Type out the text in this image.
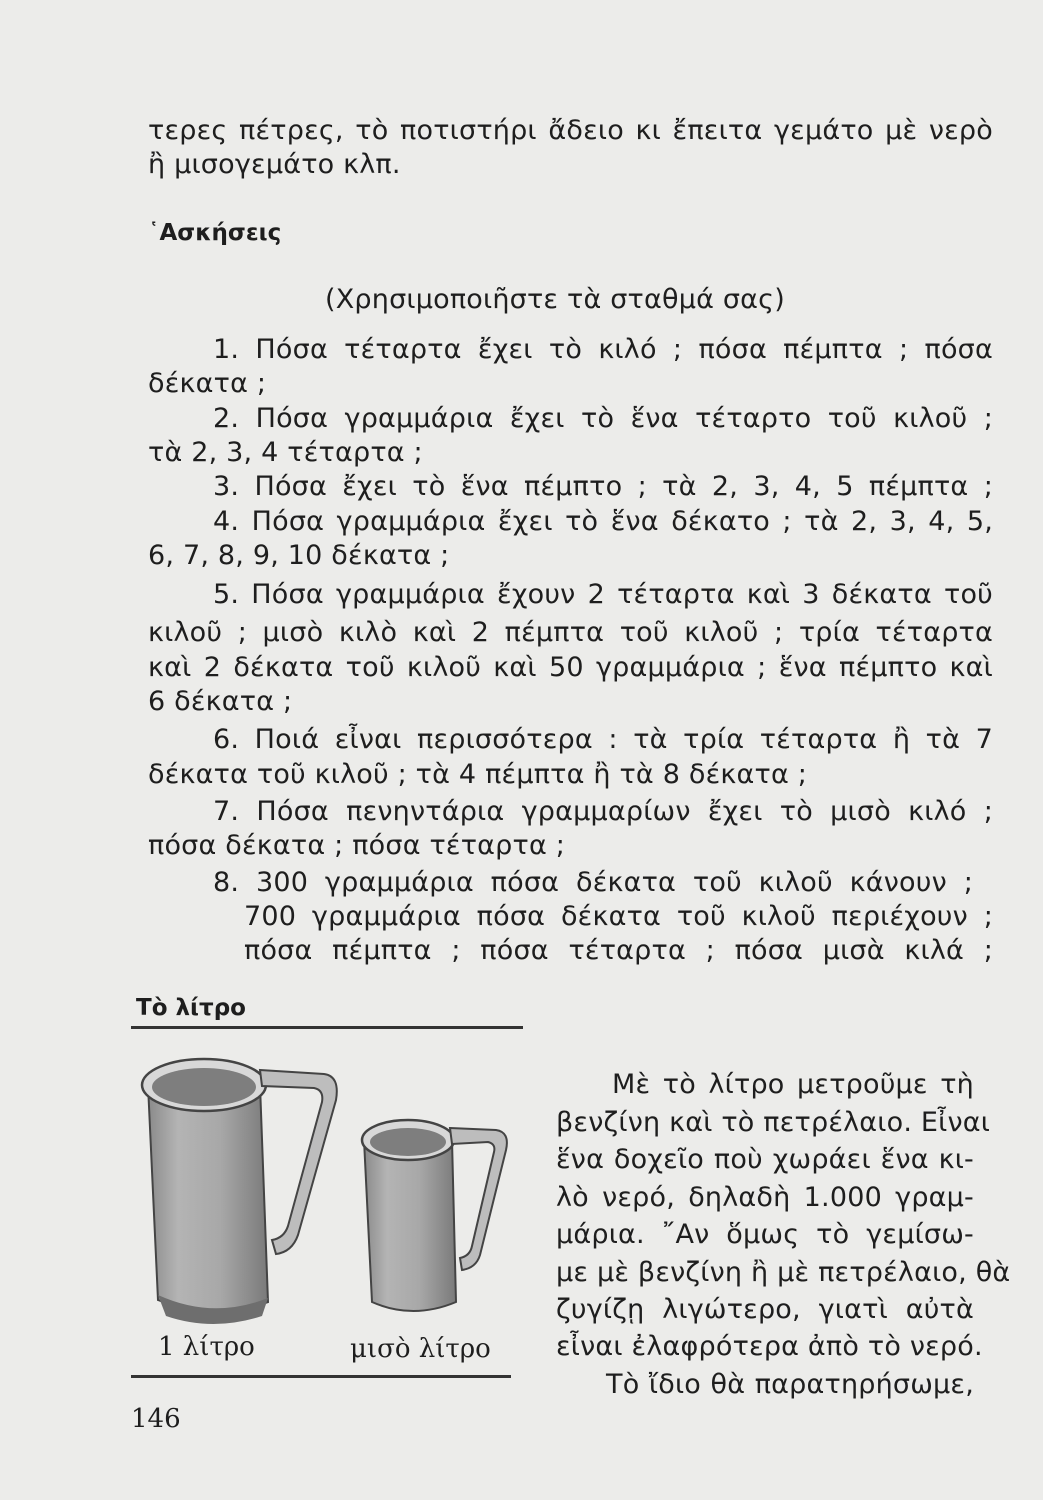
τερες πέτρες, τὸ ποτιστήρι ἄδειο κι ἔπειτα γεμάτο μὲ νερὸ
ἢ μισογεμάτο κλπ.
῾Ασκήσεις
(Χρησιμοποιῆστε τὰ σταθμά σας)
1. Πόσα τέταρτα ἔχει τὸ κιλό ; πόσα πέμπτα ; πόσα
δέκατα ;
2. Πόσα γραμμάρια ἔχει τὸ ἕνα τέταρτο τοῦ κιλοῦ ;
τὰ 2, 3, 4 τέταρτα ;
3. Πόσα ἔχει τὸ ἕνα πέμπτο ; τὰ 2, 3, 4, 5 πέμπτα ;
4. Πόσα γραμμάρια ἔχει τὸ ἕνα δέκατο ; τὰ 2, 3, 4, 5,
6, 7, 8, 9, 10 δέκατα ;
5. Πόσα γραμμάρια ἔχουν 2 τέταρτα καὶ 3 δέκατα τοῦ
κιλοῦ ; μισὸ κιλὸ καὶ 2 πέμπτα τοῦ κιλοῦ ; τρία τέταρτα
καὶ 2 δέκατα τοῦ κιλοῦ καὶ 50 γραμμάρια ; ἕνα πέμπτο καὶ
6 δέκατα ;
6. Ποιά εἶναι περισσότερα : τὰ τρία τέταρτα ἢ τὰ 7
δέκατα τοῦ κιλοῦ ; τὰ 4 πέμπτα ἢ τὰ 8 δέκατα ;
7. Πόσα πενηντάρια γραμμαρίων ἔχει τὸ μισὸ κιλό ;
πόσα δέκατα ; πόσα τέταρτα ;
8. 300 γραμμάρια πόσα δέκατα τοῦ κιλοῦ κάνουν ;
700 γραμμάρια πόσα δέκατα τοῦ κιλοῦ περιέχουν ;
πόσα πέμπτα ; πόσα τέταρτα ; πόσα μισὰ κιλά ;
Τὸ λίτρο
1 λίτρο	μισὸ λίτρο
Μὲ τὸ λίτρο μετροῦμε τὴ
βενζίνη καὶ τὸ πετρέλαιο. Εἶναι
ἕνα δοχεῖο ποὺ χωράει ἕνα κι-
λὸ νερό, δηλαδὴ 1.000 γραμ-
μάρια. ῎Αν ὅμως τὸ γεμίσω-
με μὲ βενζίνη ἢ μὲ πετρέλαιο, θὰ
ζυγίζῃ λιγώτερο, γιατὶ αὐτὰ
εἶναι ἐλαφρότερα ἀπὸ τὸ νερό.
Τὸ ἴδιο θὰ παρατηρήσωμε,
146
